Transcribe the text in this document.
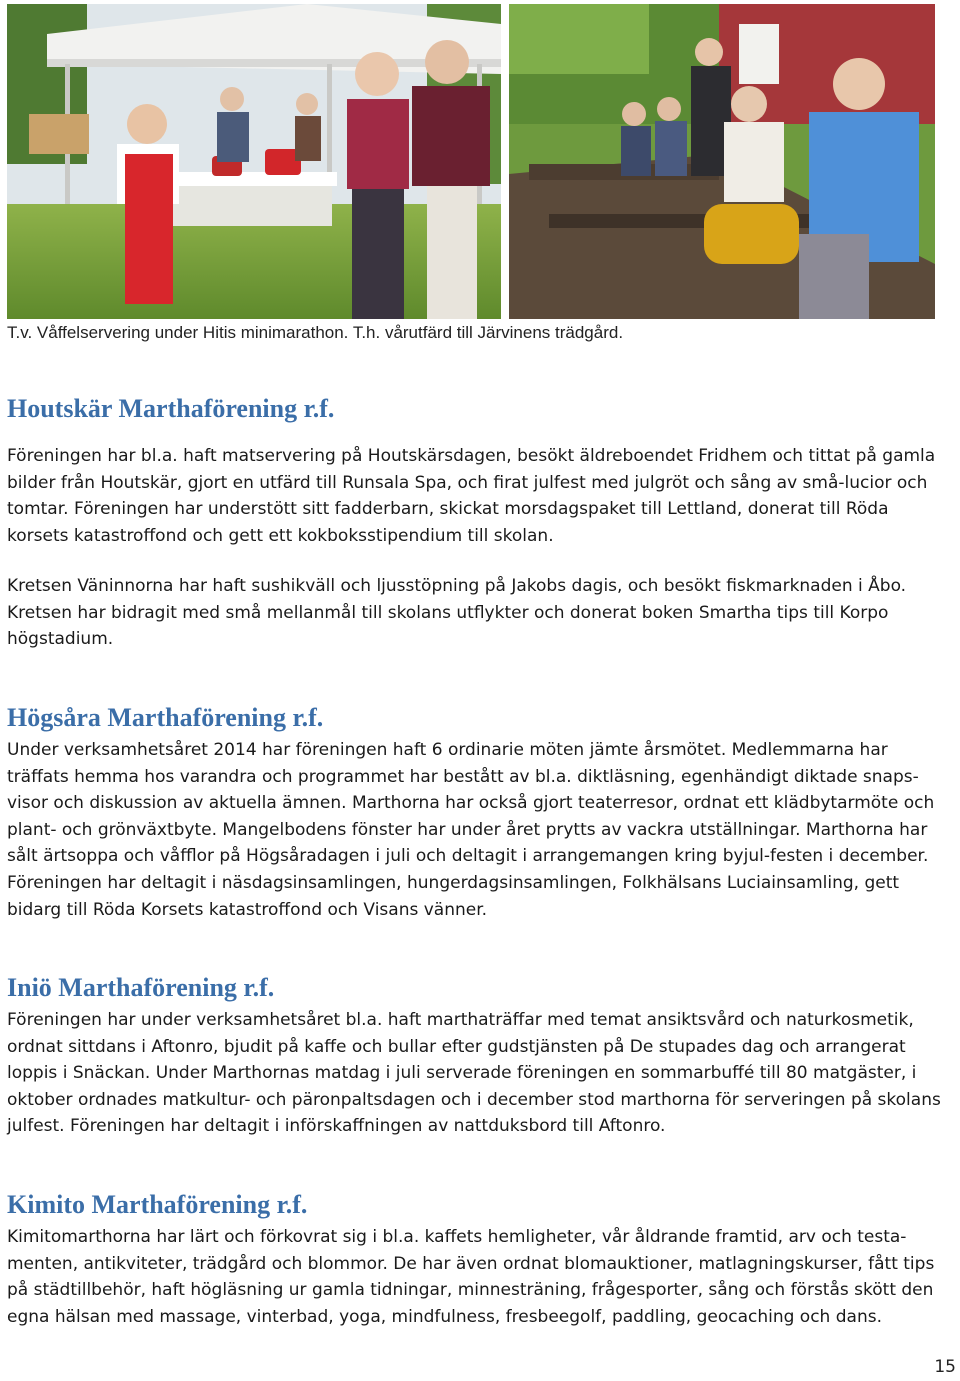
T.v. Våffelservering under Hitis minimarathon. T.h. vårutfärd till Järvinens trädgård.
Houtskär Marthaförening r.f.

Föreningen har bl.a. haft matservering på Houtskärsdagen, besökt äldreboendet Fridhem och tittat på gamla bilder från Houtskär, gjort en utfärd till Runsala Spa, och firat julfest med julgröt och sång av små-lucior och tomtar. Föreningen har understött sitt fadderbarn, skickat morsdagspaket till Lettland, donerat till Röda korsets katastroffond och gett ett kokboksstipendium till skolan.

Kretsen Väninnorna har haft sushikväll och ljusstöpning på Jakobs dagis, och besökt fiskmarknaden i Åbo. Kretsen har bidragit med små mellanmål till skolans utflykter och donerat boken Smartha tips till Korpo högstadium.

Högsåra Marthaförening r.f.

Under verksamhetsåret 2014 har föreningen haft 6 ordinarie möten jämte årsmötet. Medlemmarna har träffats hemma hos varandra och programmet har bestått av bl.a. diktläsning, egenhändigt diktade snaps-visor och diskussion av aktuella ämnen. Marthorna har också gjort teaterresor, ordnat ett klädbytarmöte och plant- och grönväxtbyte. Mangelbodens fönster har under året prytts av vackra utställningar. Marthorna har sålt ärtsoppa och våfflor på Högsåradagen i juli och deltagit i arrangemangen kring byjul-festen i december. Föreningen har deltagit i näsdagsinsamlingen, hungerdagsinsamlingen, Folkhälsans Luciainsamling, gett bidarg till Röda Korsets katastroffond och Visans vänner.

Iniö Marthaförening r.f.

Föreningen har under verksamhetsåret bl.a. haft marthaträffar med temat ansiktsvård och naturkosmetik, ordnat sittdans i Aftonro, bjudit på kaffe och bullar efter gudstjänsten på De stupades dag och arrangerat loppis i Snäckan. Under Marthornas matdag i juli serverade föreningen en sommarbuffé till 80 matgäster, i oktober ordnades matkultur- och päronpaltsdagen och i december stod marthorna för serveringen på skolans julfest. Föreningen har deltagit i införskaffningen av nattduksbord till Aftonro.

Kimito Marthaförening r.f.

Kimitomarthorna har lärt och förkovrat sig i bl.a. kaffets hemligheter, vår åldrande framtid, arv och testa-menten, antikviteter, trädgård och blommor. De har även ordnat blomauktioner, matlagningskurser, fått tips på städtillbehör, haft högläsning ur gamla tidningar, minnesträning, frågesporter, sång och förstås skött den egna hälsan med massage, vinterbad, yoga, mindfulness, fresbeegolf, paddling, geocaching och dans.

15
